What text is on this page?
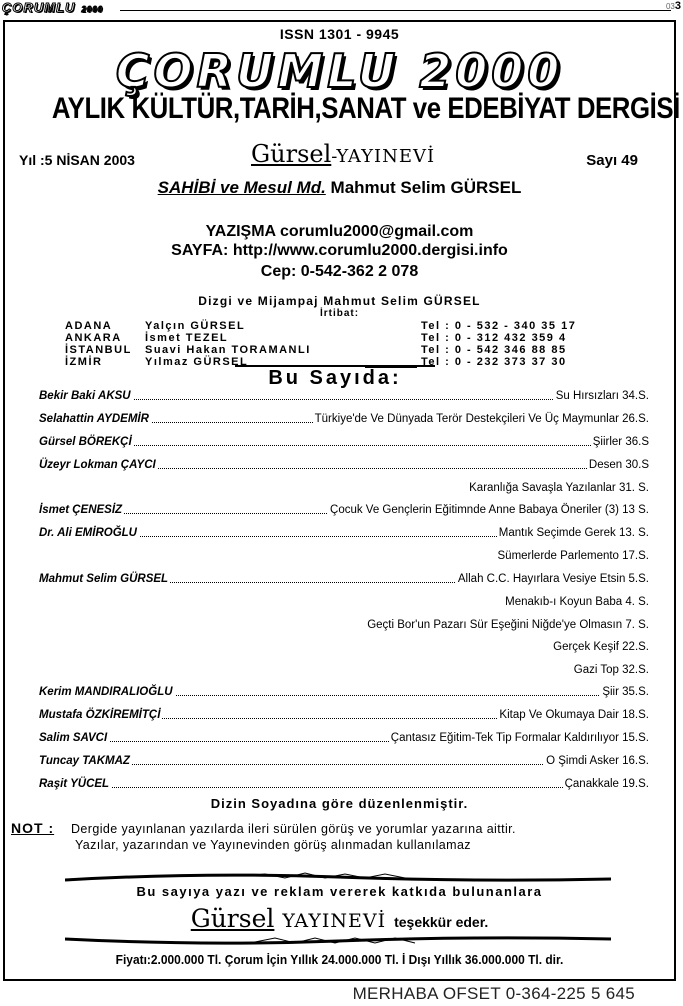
ÇORUMLU 2000	033
ISSN 1301 - 9945
ÇORUMLU 2000
AYLIK KÜLTÜR,TARİH,SANAT ve EDEBİYAT DERGİSİ
Yıl :5 NİSAN 2003	Gürsel-YAYINEVİ	Sayı 49
SAHİBİ ve Mesul Md. Mahmut Selim GÜRSEL
YAZIŞMA corumlu2000@gmail.com
SAYFA: http://www.corumlu2000.dergisi.info
Cep: 0-542-362 2 078
Dizgi ve Mijampaj Mahmut Selim GÜRSEL
İrtibat:
ADANA	Yalçın GÜRSEL	Tel : 0 - 532 - 340 35 17
ANKARA İsmet TEZEL	Tel : 0 - 312 432 359 4
İSTANBUL Suavi Hakan TORAMANLI	Tel : 0 - 542 346 88 85
İZMİR	Yılmaz GÜRSEL	Tel : 0 - 232 373 37 30
Bu Sayıda:
Bekir Baki AKSU	Su Hırsızları 34.S.
Selahattin AYDEMİR	Türkiye'de Ve Dünyada Terör Destekçileri Ve Üç Maymunlar 26.S.
Gürsel BÖREKÇİ	Şiirler 36.S
Üzeyr Lokman ÇAYCI	Desen 30.S
Karanlığa Savaşla Yazılanlar 31. S.
İsmet ÇENESİZ	Çocuk Ve Gençlerin Eğitimnde Anne Babaya Öneriler (3) 13 S.
Dr. Ali EMİROĞLU	Mantık Seçimde Gerek 13. S.
Sümerlerde Parlemento 17.S.
Mahmut Selim GÜRSEL	Allah C.C. Hayırlara Vesiye Etsin 5.S.
Menakıb-ı Koyun Baba 4. S.
Geçti Bor'un Pazarı Sür Eşeğini Niğde'ye Olmasın 7. S.
Gerçek Keşif 22.S.
Gazi Top 32.S.
Kerim MANDIRALIOĞLU	Şiir 35.S.
Mustafa ÖZKİREMİTÇİ	Kitap Ve Okumaya Dair 18.S.
Salim SAVCI	Çantasız Eğitim-Tek Tip Formalar Kaldırılıyor 15.S.
Tuncay TAKMAZ	O Şimdi Asker 16.S.
Raşit YÜCEL	Çanakkale 19.S.
Dizin Soyadına göre düzenlenmiştir.
NOT : Dergide yayınlanan yazılarda ileri sürülen görüş ve yorumlar yazarına aittir.
Yazılar, yazarından ve Yayınevinden görüş alınmadan kullanılamaz
Bu sayıya yazı ve reklam vererek katkıda bulunanlara
Gürsel YAYINEVİ teşekkür eder.
Fiyatı:2.000.000 Tl. Çorum İçin Yıllık 24.000.000 Tl. İ Dışı Yıllık 36.000.000 Tl. dir.
MERHABA OFSET 0-364-225 5 645
